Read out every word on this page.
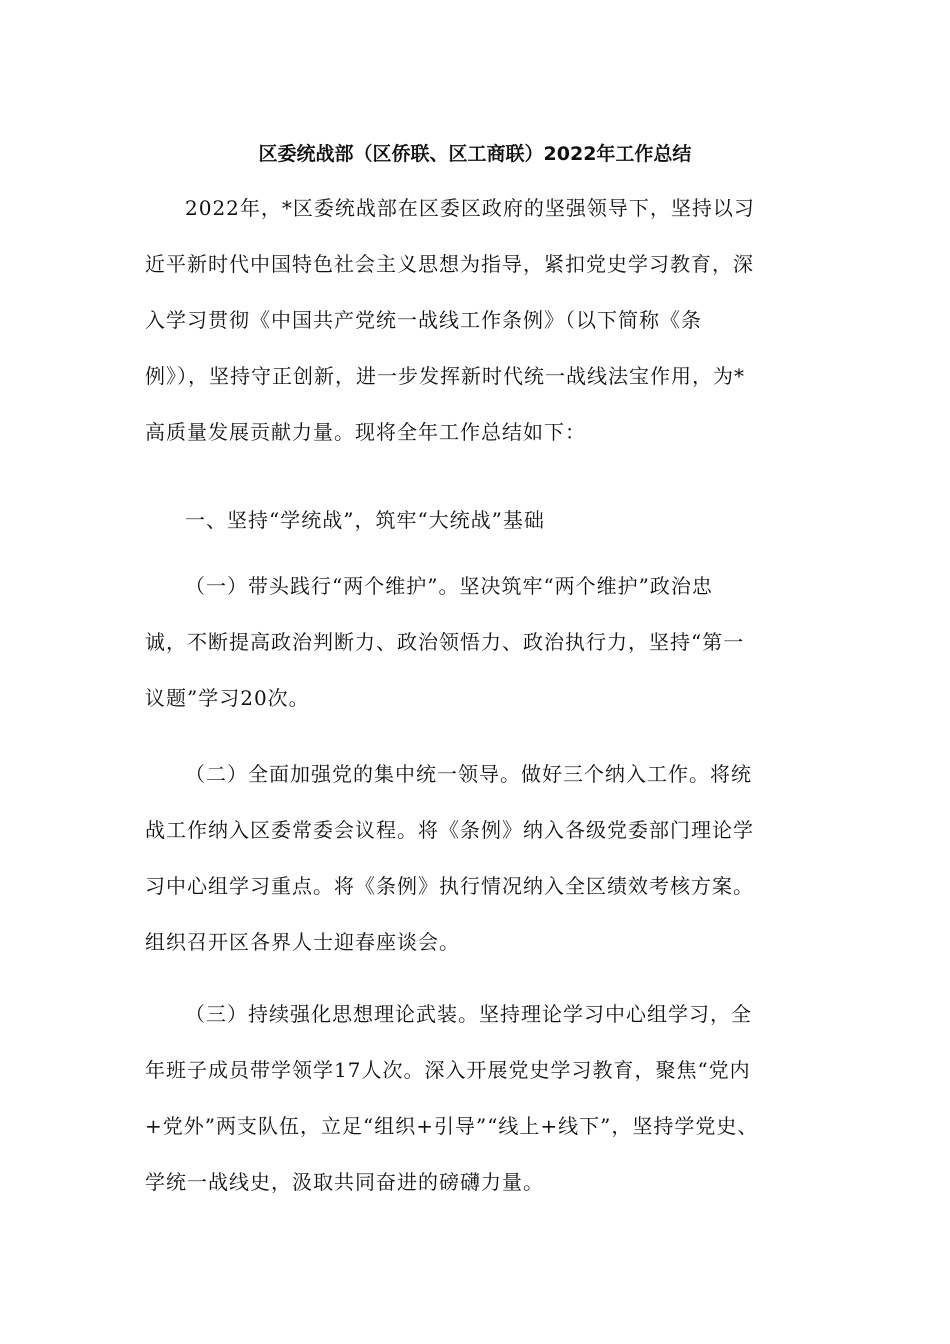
区委统战部（区侨联、区工商联）2022年工作总结
2022年，*区委统战部在区委区政府的坚强领导下，坚持以习
近平新时代中国特色社会主义思想为指导，紧扣党史学习教育，深
入学习贯彻《中国共产党统一战线工作条例》（以下简称《条
例》），坚持守正创新，进一步发挥新时代统一战线法宝作用，为*
高质量发展贡献力量。现将全年工作总结如下：
一、坚持“学统战”，筑牢“大统战”基础
（一）带头践行“两个维护”。坚决筑牢“两个维护”政治忠
诚，不断提高政治判断力、政治领悟力、政治执行力，坚持“第一
议题”学习20次。
（二）全面加强党的集中统一领导。做好三个纳入工作。将统
战工作纳入区委常委会议程。将《条例》纳入各级党委部门理论学
习中心组学习重点。将《条例》执行情况纳入全区绩效考核方案。
组织召开区各界人士迎春座谈会。
（三）持续强化思想理论武装。坚持理论学习中心组学习，全
年班子成员带学领学17人次。深入开展党史学习教育，聚焦“党内
+党外”两支队伍，立足“组织+引导”“线上+线下”，坚持学党史、
学统一战线史，汲取共同奋进的磅礴力量。
